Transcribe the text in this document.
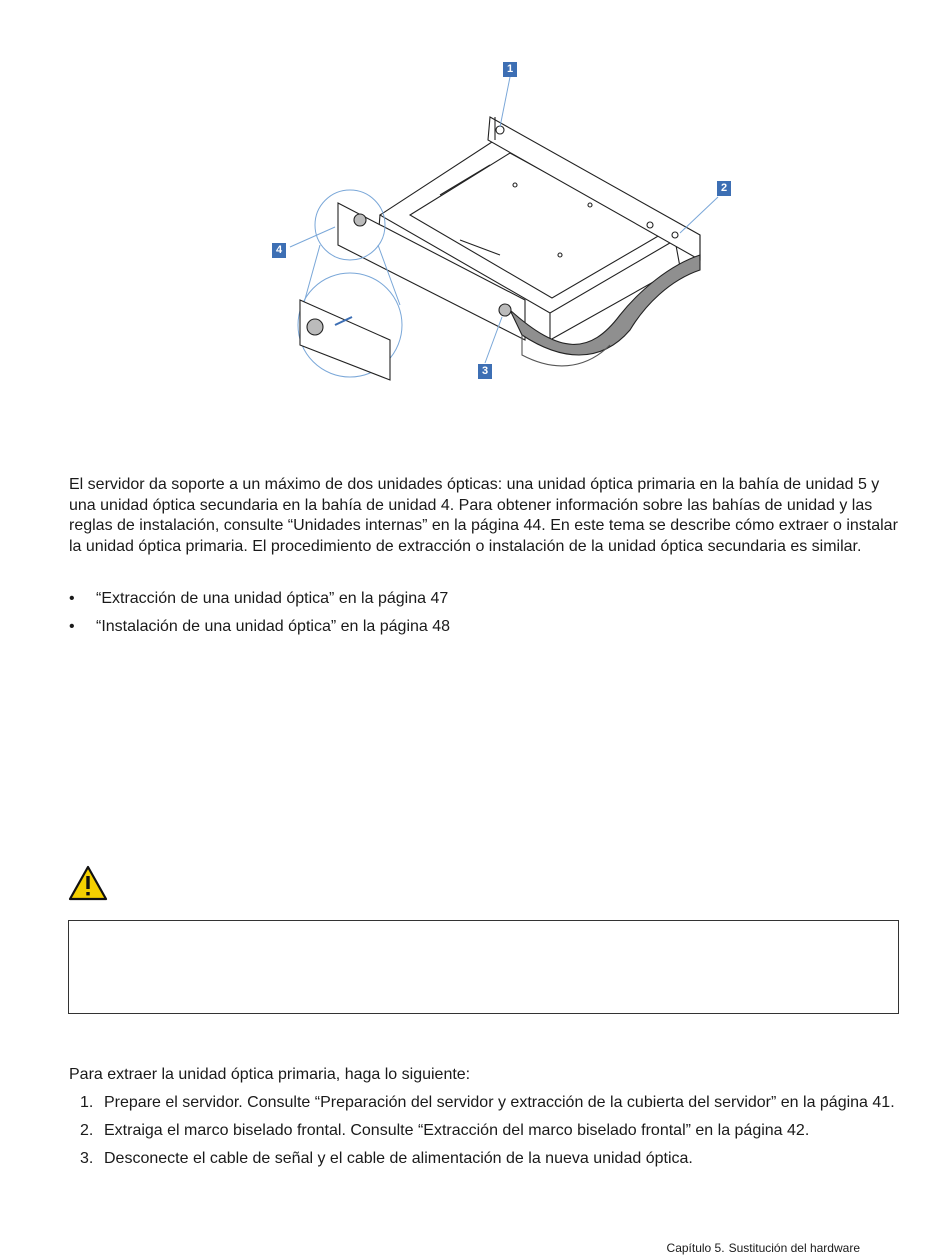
1
2
3
4

El servidor da soporte a un máximo de dos unidades ópticas: una unidad óptica primaria en la bahía de unidad 5 y una unidad óptica secundaria en la bahía de unidad 4. Para obtener información sobre las bahías de unidad y las reglas de instalación, consulte “Unidades internas” en la página 44. En este tema se describe cómo extraer o instalar la unidad óptica primaria. El procedimiento de extracción o instalación de la unidad óptica secundaria es similar.

• “Extracción de una unidad óptica” en la página 47
• “Instalación de una unidad óptica” en la página 48

Para extraer la unidad óptica primaria, haga lo siguiente:

1. Prepare el servidor. Consulte “Preparación del servidor y extracción de la cubierta del servidor” en la página 41.
2. Extraiga el marco biselado frontal. Consulte “Extracción del marco biselado frontal” en la página 42.
3. Desconecte el cable de señal y el cable de alimentación de la nueva unidad óptica.
Capítulo 5. Sustitución del hardware
